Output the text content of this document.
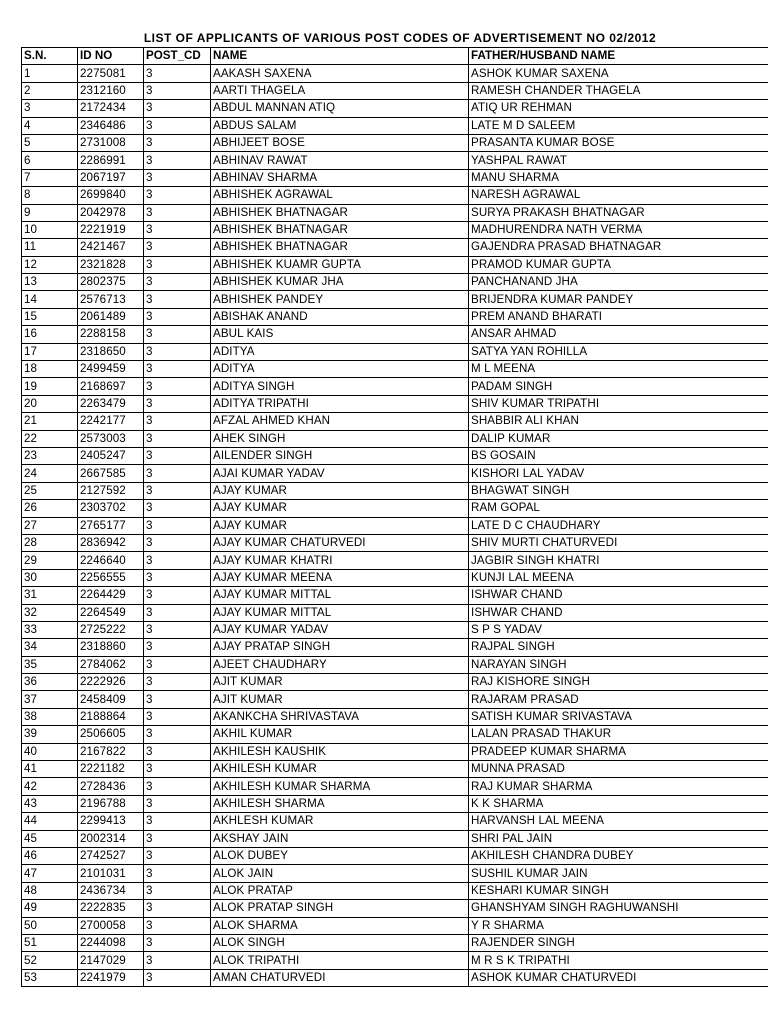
LIST OF APPLICANTS OF VARIOUS POST CODES OF ADVERTISEMENT NO 02/2012
S.N.	ID NO	POST_CD	NAME	FATHER/HUSBAND NAME
1	2275081	3	AAKASH SAXENA	ASHOK KUMAR SAXENA
2	2312160	3	AARTI THAGELA	RAMESH CHANDER THAGELA
3	2172434	3	ABDUL MANNAN ATIQ	ATIQ UR REHMAN
4	2346486	3	ABDUS SALAM	LATE M D SALEEM
5	2731008	3	ABHIJEET BOSE	PRASANTA KUMAR BOSE
6	2286991	3	ABHINAV RAWAT	YASHPAL RAWAT
7	2067197	3	ABHINAV SHARMA	MANU SHARMA
8	2699840	3	ABHISHEK AGRAWAL	NARESH AGRAWAL
9	2042978	3	ABHISHEK BHATNAGAR	SURYA PRAKASH BHATNAGAR
10	2221919	3	ABHISHEK BHATNAGAR	MADHURENDRA NATH VERMA
11	2421467	3	ABHISHEK BHATNAGAR	GAJENDRA PRASAD BHATNAGAR
12	2321828	3	ABHISHEK KUAMR GUPTA	PRAMOD KUMAR GUPTA
13	2802375	3	ABHISHEK KUMAR JHA	PANCHANAND JHA
14	2576713	3	ABHISHEK PANDEY	BRIJENDRA KUMAR PANDEY
15	2061489	3	ABISHAK ANAND	PREM ANAND BHARATI
16	2288158	3	ABUL KAIS	ANSAR AHMAD
17	2318650	3	ADITYA	SATYA YAN ROHILLA
18	2499459	3	ADITYA	M L MEENA
19	2168697	3	ADITYA SINGH	PADAM SINGH
20	2263479	3	ADITYA TRIPATHI	SHIV KUMAR TRIPATHI
21	2242177	3	AFZAL AHMED KHAN	SHABBIR ALI KHAN
22	2573003	3	AHEK SINGH	DALIP KUMAR
23	2405247	3	AILENDER SINGH	BS GOSAIN
24	2667585	3	AJAI KUMAR YADAV	KISHORI LAL YADAV
25	2127592	3	AJAY KUMAR	BHAGWAT SINGH
26	2303702	3	AJAY KUMAR	RAM GOPAL
27	2765177	3	AJAY KUMAR	LATE D C CHAUDHARY
28	2836942	3	AJAY KUMAR CHATURVEDI	SHIV MURTI CHATURVEDI
29	2246640	3	AJAY KUMAR KHATRI	JAGBIR SINGH KHATRI
30	2256555	3	AJAY KUMAR MEENA	KUNJI LAL MEENA
31	2264429	3	AJAY KUMAR MITTAL	ISHWAR CHAND
32	2264549	3	AJAY KUMAR MITTAL	ISHWAR CHAND
33	2725222	3	AJAY KUMAR YADAV	S P S YADAV
34	2318860	3	AJAY PRATAP SINGH	RAJPAL SINGH
35	2784062	3	AJEET CHAUDHARY	NARAYAN SINGH
36	2222926	3	AJIT KUMAR	RAJ KISHORE SINGH
37	2458409	3	AJIT KUMAR	RAJARAM PRASAD
38	2188864	3	AKANKCHA SHRIVASTAVA	SATISH KUMAR SRIVASTAVA
39	2506605	3	AKHIL KUMAR	LALAN PRASAD THAKUR
40	2167822	3	AKHILESH KAUSHIK	PRADEEP KUMAR SHARMA
41	2221182	3	AKHILESH KUMAR	MUNNA PRASAD
42	2728436	3	AKHILESH KUMAR SHARMA	RAJ KUMAR SHARMA
43	2196788	3	AKHILESH SHARMA	K K SHARMA
44	2299413	3	AKHLESH KUMAR	HARVANSH LAL MEENA
45	2002314	3	AKSHAY JAIN	SHRI PAL JAIN
46	2742527	3	ALOK DUBEY	AKHILESH CHANDRA DUBEY
47	2101031	3	ALOK JAIN	SUSHIL KUMAR JAIN
48	2436734	3	ALOK PRATAP	KESHARI KUMAR SINGH
49	2222835	3	ALOK PRATAP SINGH	GHANSHYAM SINGH RAGHUWANSHI
50	2700058	3	ALOK SHARMA	Y R SHARMA
51	2244098	3	ALOK SINGH	RAJENDER SINGH
52	2147029	3	ALOK TRIPATHI	M R S K TRIPATHI
53	2241979	3	AMAN CHATURVEDI	ASHOK KUMAR CHATURVEDI
